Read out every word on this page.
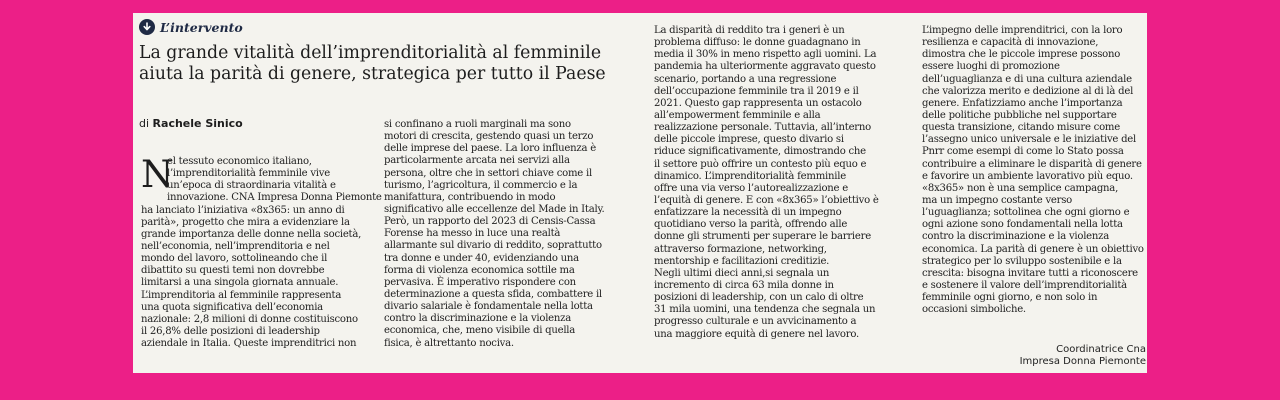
L’intervento
La grande vitalità dell’imprenditorialità al femminile
aiuta la parità di genere, strategica per tutto il Paese
di Rachele Sinico
N
el tessuto economico italiano,
l’imprenditorialità femminile vive
un’epoca di straordinaria vitalità e
innovazione. CNA Impresa Donna Piemonte
ha lanciato l’iniziativa «8x365: un anno di
parità», progetto che mira a evidenziare la
grande importanza delle donne nella società,
nell’economia, nell’imprenditoria e nel
mondo del lavoro, sottolineando che il
dibattito su questi temi non dovrebbe
limitarsi a una singola giornata annuale.
L’imprenditoria al femminile rappresenta
una quota significativa dell’economia
nazionale: 2,8 milioni di donne costituiscono
il 26,8% delle posizioni di leadership
aziendale in Italia. Queste imprenditrici non
si confinano a ruoli marginali ma sono
motori di crescita, gestendo quasi un terzo
delle imprese del paese. La loro influenza è
particolarmente arcata nei servizi alla
persona, oltre che in settori chiave come il
turismo, l’agricoltura, il commercio e la
manifattura, contribuendo in modo
significativo alle eccellenze del Made in Italy.
Però, un rapporto del 2023 di Censis-Cassa
Forense ha messo in luce una realtà
allarmante sul divario di reddito, soprattutto
tra donne e under 40, evidenziando una
forma di violenza economica sottile ma
pervasiva. È imperativo rispondere con
determinazione a questa sfida, combattere il
divario salariale è fondamentale nella lotta
contro la discriminazione e la violenza
economica, che, meno visibile di quella
fisica, è altrettanto nociva.
La disparità di reddito tra i generi è un
problema diffuso: le donne guadagnano in
media il 30% in meno rispetto agli uomini. La
pandemia ha ulteriormente aggravato questo
scenario, portando a una regressione
dell’occupazione femminile tra il 2019 e il
2021. Questo gap rappresenta un ostacolo
all’empowerment femminile e alla
realizzazione personale. Tuttavia, all’interno
delle piccole imprese, questo divario si
riduce significativamente, dimostrando che
il settore può offrire un contesto più equo e
dinamico. L’imprenditorialità femminile
offre una via verso l’autorealizzazione e
l’equità di genere. E con «8x365» l’obiettivo è
enfatizzare la necessità di un impegno
quotidiano verso la parità, offrendo alle
donne gli strumenti per superare le barriere
attraverso formazione, networking,
mentorship e facilitazioni creditizie.
Negli ultimi dieci anni,si segnala un
incremento di circa 63 mila donne in
posizioni di leadership, con un calo di oltre
31 mila uomini, una tendenza che segnala un
progresso culturale e un avvicinamento a
una maggiore equità di genere nel lavoro.
L’impegno delle imprenditrici, con la loro
resilienza e capacità di innovazione,
dimostra che le piccole imprese possono
essere luoghi di promozione
dell’uguaglianza e di una cultura aziendale
che valorizza merito e dedizione al di là del
genere. Enfatizziamo anche l’importanza
delle politiche pubbliche nel supportare
questa transizione, citando misure come
l’assegno unico universale e le iniziative del
Pnrr come esempi di come lo Stato possa
contribuire a eliminare le disparità di genere
e favorire un ambiente lavorativo più equo.
«8x365» non è una semplice campagna,
ma un impegno costante verso
l’uguaglianza; sottolinea che ogni giorno e
ogni azione sono fondamentali nella lotta
contro la discriminazione e la violenza
economica. La parità di genere è un obiettivo
strategico per lo sviluppo sostenibile e la
crescita: bisogna invitare tutti a riconoscere
e sostenere il valore dell’imprenditorialità
femminile ogni giorno, e non solo in
occasioni simboliche.
Coordinatrice Cna
Impresa Donna Piemonte
